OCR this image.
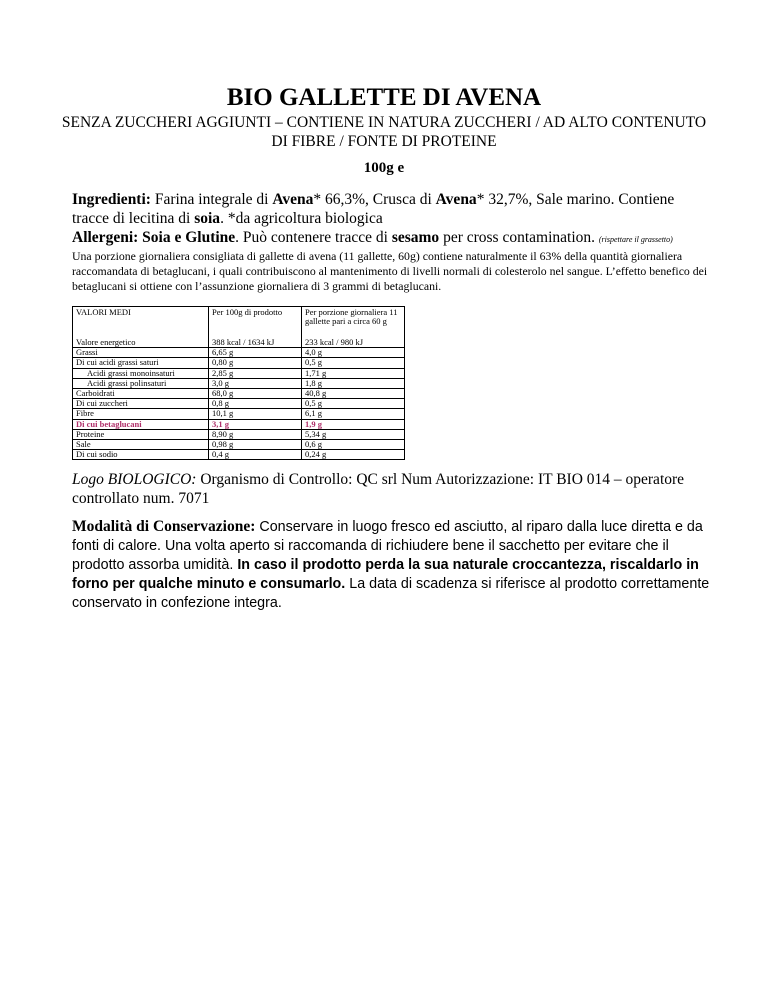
BIO GALLETTE DI AVENA
SENZA ZUCCHERI AGGIUNTI – CONTIENE IN NATURA ZUCCHERI / AD ALTO CONTENUTO DI FIBRE / FONTE DI PROTEINE
100g e
Ingredienti: Farina integrale di Avena* 66,3%, Crusca di Avena* 32,7%, Sale marino. Contiene tracce di lecitina di soia. *da agricoltura biologica
Allergeni: Soia e Glutine. Può contenere tracce di sesamo per cross contamination. (rispettare il grassetto)
Una porzione giornaliera consigliata di gallette di avena (11 gallette, 60g) contiene naturalmente il 63% della quantità giornaliera raccomandata di betaglucani, i quali contribuiscono al mantenimento di livelli normali di colesterolo nel sangue. L’effetto benefico dei betaglucani si ottiene con l’assunzione giornaliera di 3 grammi di betaglucani.
VALORI MEDI	Per 100g di prodotto	Per porzione giornaliera 11 gallette pari a circa 60 g
Valore energetico	388 kcal / 1634 kJ	233 kcal / 980 kJ
Grassi	6,65 g	4,0 g
Di cui acidi grassi saturi	0,80 g	0,5 g
Acidi grassi monoinsaturi	2,85 g	1,71 g
Acidi grassi polinsaturi	3,0 g	1,8 g
Carboidrati	68,0 g	40,8 g
Di cui zuccheri	0,8 g	0,5 g
Fibre	10,1 g	6,1 g
Di cui betaglucani	3,1 g	1,9 g
Proteine	8,90 g	5,34 g
Sale	0,98 g	0,6 g
Di cui sodio	0,4 g	0,24 g
Logo BIOLOGICO: Organismo di Controllo: QC srl Num Autorizzazione: IT BIO 014 – operatore controllato num. 7071
Modalità di Conservazione: Conservare in luogo fresco ed asciutto, al riparo dalla luce diretta e da fonti di calore. Una volta aperto si raccomanda di richiudere bene il sacchetto per evitare che il prodotto assorba umidità. In caso il prodotto perda la sua naturale croccantezza, riscaldarlo in forno per qualche minuto e consumarlo. La data di scadenza si riferisce al prodotto correttamente conservato in confezione integra.
